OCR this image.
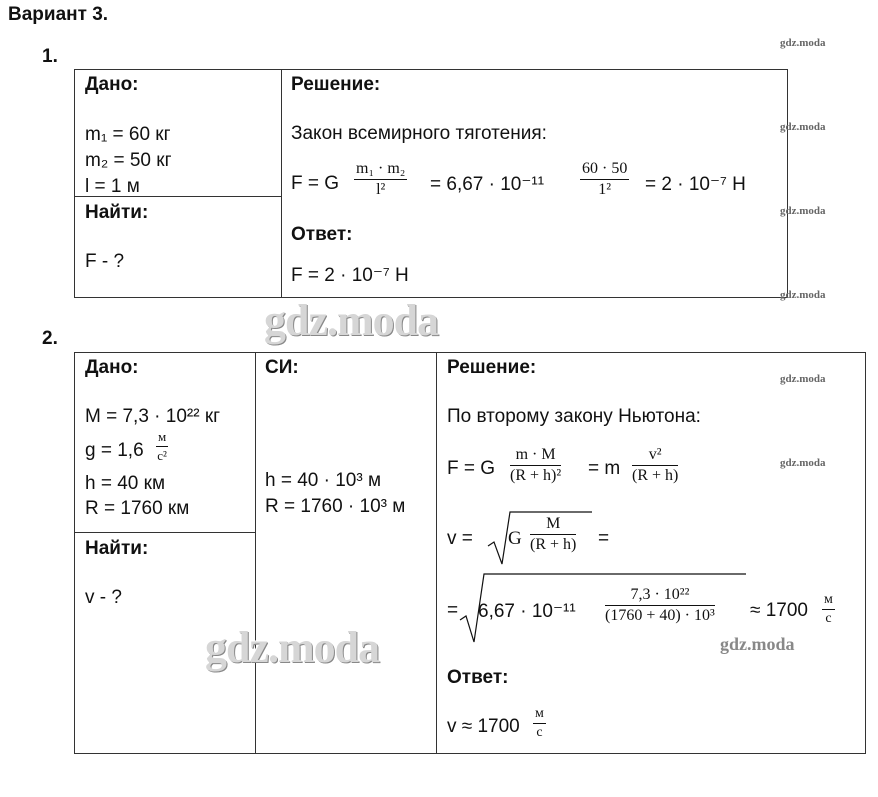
Вариант 3.
1.
Дано:
m₁ = 60 кг
m₂ = 50 кг
l = 1 м
Найти:
F - ?
Решение:
Закон всемирного тяготения:
F = G $\frac{\text{m₁ · m₂}}{\text{l²}} = 6,67 \cdot 10^{-11} \frac{60 \cdot 50}{\text{1²}} = 2 \cdot 10^{-7}$ Н
Ответ:
F = 2 · 10⁻⁷ Н
2.
Дано:
M = 7,3 · 10²² кг
g = 1,6
м
с²
h = 40 км
R = 1760 км
Найти:
v - ?
СИ:
h = 40 · 10³ м
R = 1760 · 10³ м
Решение:
По второму закону Ньютона:
F = G $\frac{m \cdot M}{\text{(R + h)²}} = m \frac{\text{v²}}{(R + h)}$
v = G $\frac{M}{(R + h)}$ =
= $6,67 \cdot 10^{-11} \frac{\text{7,3 · 10²²}}{\text{(1760 + 40) · 10³}} \approx 1700$
м
с
Ответ:
v ≈ 1700
м
с
gdz.moda
gdz.moda
gdz.moda
gdz.moda
gdz.moda
gdz.moda
gdz.moda
gdz.moda
gdz.moda
